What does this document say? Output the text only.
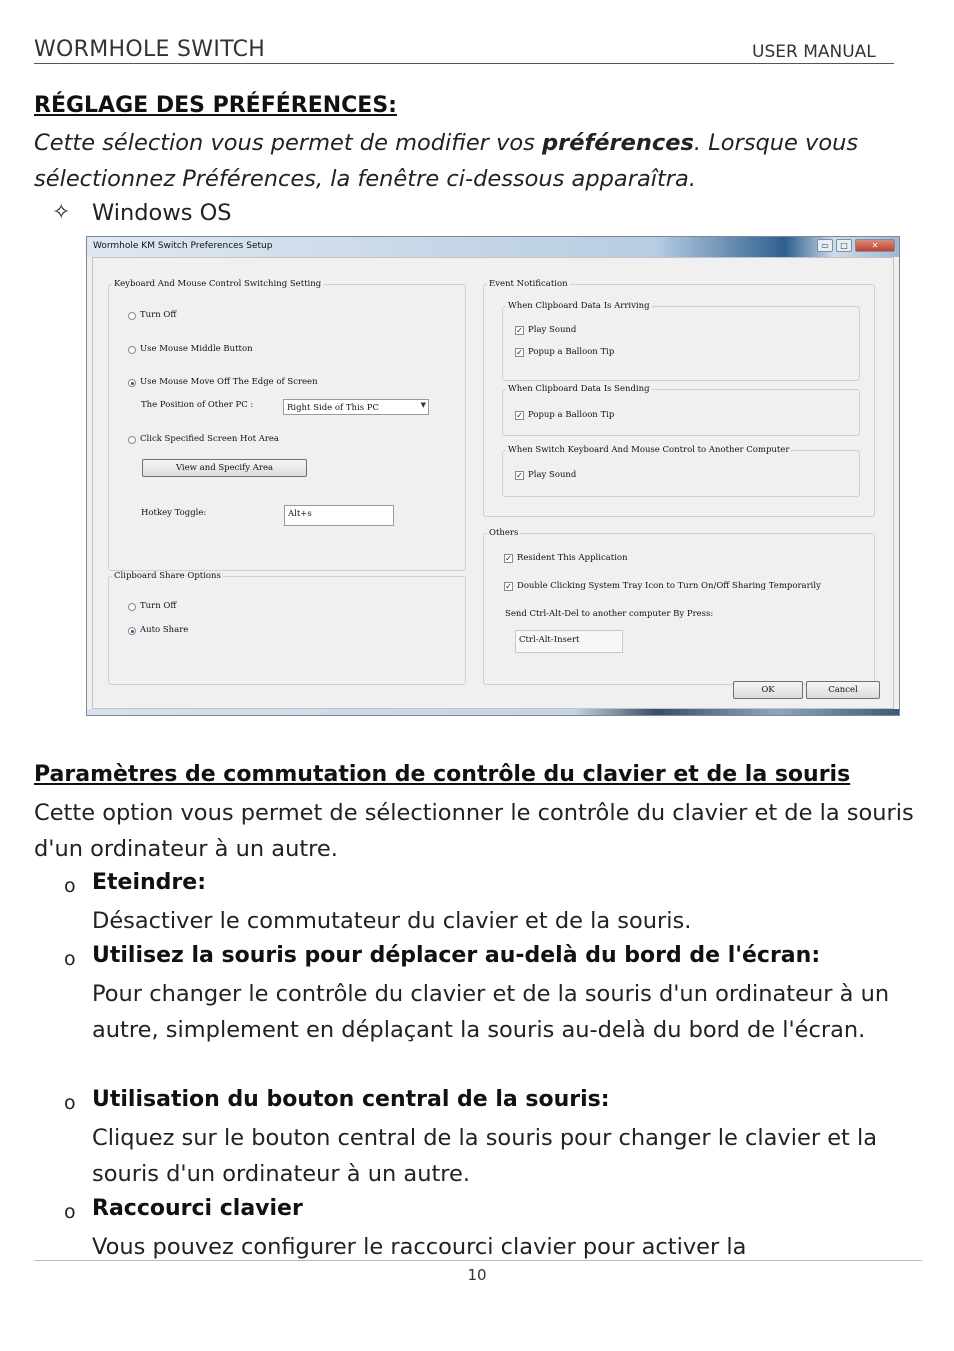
WORMHOLE SWITCH	USER MANUAL
RÉGLAGE DES PRÉFÉRENCES:
Cette sélection vous permet de modifier vos préférences. Lorsque vous sélectionnez Préférences, la fenêtre ci-dessous apparaîtra.
✧ Windows OS
Wormhole KM Switch Preferences Setup	▭	□	✕
Keyboard And Mouse Control Switching Setting
Turn Off
Use Mouse Middle Button
Use Mouse Move Off The Edge of Screen
The Position of Other PC :	Right Side of This PC	▼
Click Specified Screen Hot Area
View and Specify Area
Hotkey Toggle:	Alt+s
Clipboard Share Options
Turn Off
Auto Share
Event Notification
When Clipboard Data Is Arriving
✓ Play Sound
✓ Popup a Balloon Tip
When Clipboard Data Is Sending
✓ Popup a Balloon Tip
When Switch Keyboard And Mouse Control to Another Computer
✓ Play Sound
Others
✓ Resident This Application
✓ Double Clicking System Tray Icon to Turn On/Off Sharing Temporarily
Send Ctrl-Alt-Del to another computer By Press:
Ctrl-Alt-Insert
OK	Cancel
Paramètres de commutation de contrôle du clavier et de la souris
Cette option vous permet de sélectionner le contrôle du clavier et de la souris d'un ordinateur à un autre.
o Eteindre:
Désactiver le commutateur du clavier et de la souris.
o Utilisez la souris pour déplacer au-delà du bord de l'écran:
Pour changer le contrôle du clavier et de la souris d'un ordinateur à un autre, simplement en déplaçant la souris au-delà du bord de l'écran.
o Utilisation du bouton central de la souris:
Cliquez sur le bouton central de la souris pour changer le clavier et la souris d'un ordinateur à un autre.
o Raccourci clavier
Vous pouvez configurer le raccourci clavier pour activer la
10
